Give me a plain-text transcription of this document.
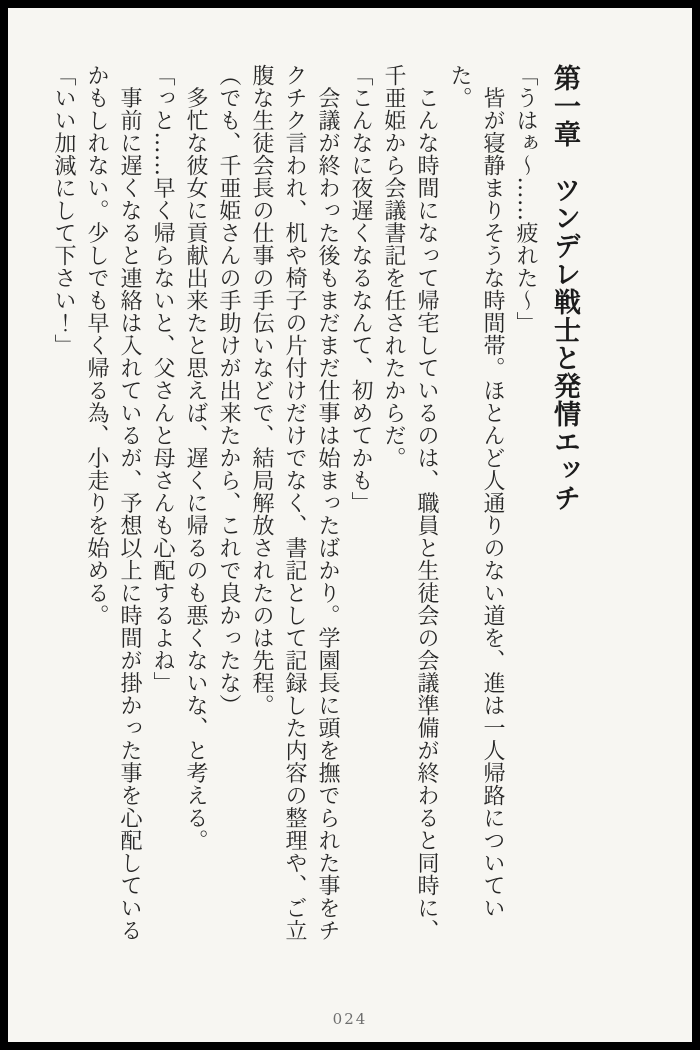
第一章　ツンデレ戦士と発情エッチ

「うはぁ～……疲れた～」

　皆が寝静まりそうな時間帯。ほとんど人通りのない道を、進は一人帰路についていた。

　こんな時間になって帰宅しているのは、職員と生徒会の会議準備が終わると同時に、千亜姫から会議書記を任されたからだ。

「こんなに夜遅くなるなんて、初めてかも」

　会議が終わった後もまだまだ仕事は始まったばかり。学園長に頭を撫でられた事をチクチク言われ、机や椅子の片付けだけでなく、書記として記録した内容の整理や、ご立腹な生徒会長の仕事の手伝いなどで、結局解放されたのは先程。

（でも、千亜姫さんの手助けが出来たから、これで良かったな）

　多忙な彼女に貢献出来たと思えば、遅くに帰るのも悪くないな、と考える。

「っと……早く帰らないと、父さんと母さんも心配するよね」

　事前に遅くなると連絡は入れているが、予想以上に時間が掛かった事を心配しているかもしれない。少しでも早く帰る為、小走りを始める。

「いい加減にして下さい！」

024
